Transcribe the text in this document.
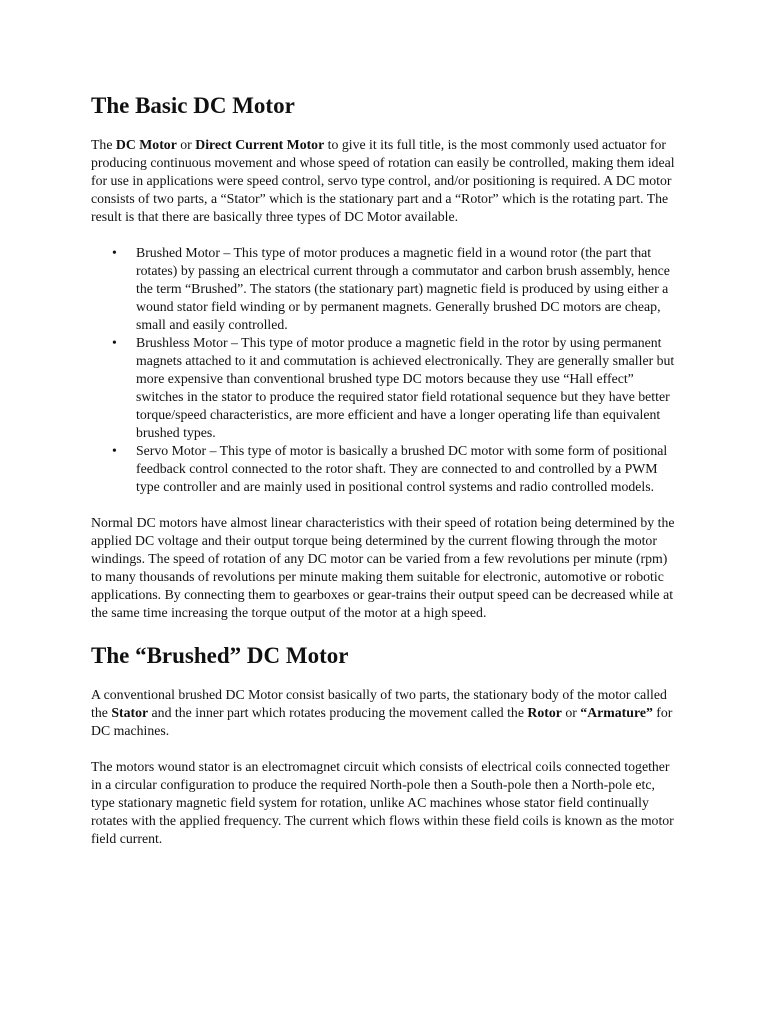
The Basic DC Motor

The DC Motor or Direct Current Motor to give it its full title, is the most commonly used actuator for producing continuous movement and whose speed of rotation can easily be controlled, making them ideal for use in applications were speed control, servo type control, and/or positioning is required. A DC motor consists of two parts, a “Stator” which is the stationary part and a “Rotor” which is the rotating part. The result is that there are basically three types of DC Motor available.

• Brushed Motor – This type of motor produces a magnetic field in a wound rotor (the part that rotates) by passing an electrical current through a commutator and carbon brush assembly, hence the term “Brushed”. The stators (the stationary part) magnetic field is produced by using either a wound stator field winding or by permanent magnets. Generally brushed DC motors are cheap, small and easily controlled.
• Brushless Motor – This type of motor produce a magnetic field in the rotor by using permanent magnets attached to it and commutation is achieved electronically. They are generally smaller but more expensive than conventional brushed type DC motors because they use “Hall effect” switches in the stator to produce the required stator field rotational sequence but they have better torque/speed characteristics, are more efficient and have a longer operating life than equivalent brushed types.
• Servo Motor – This type of motor is basically a brushed DC motor with some form of positional feedback control connected to the rotor shaft. They are connected to and controlled by a PWM type controller and are mainly used in positional control systems and radio controlled models.

Normal DC motors have almost linear characteristics with their speed of rotation being determined by the applied DC voltage and their output torque being determined by the current flowing through the motor windings. The speed of rotation of any DC motor can be varied from a few revolutions per minute (rpm) to many thousands of revolutions per minute making them suitable for electronic, automotive or robotic applications. By connecting them to gearboxes or gear-trains their output speed can be decreased while at the same time increasing the torque output of the motor at a high speed.

The “Brushed” DC Motor

A conventional brushed DC Motor consist basically of two parts, the stationary body of the motor called the Stator and the inner part which rotates producing the movement called the Rotor or “Armature” for DC machines.

The motors wound stator is an electromagnet circuit which consists of electrical coils connected together in a circular configuration to produce the required North-pole then a South-pole then a North-pole etc, type stationary magnetic field system for rotation, unlike AC machines whose stator field continually rotates with the applied frequency. The current which flows within these field coils is known as the motor field current.
